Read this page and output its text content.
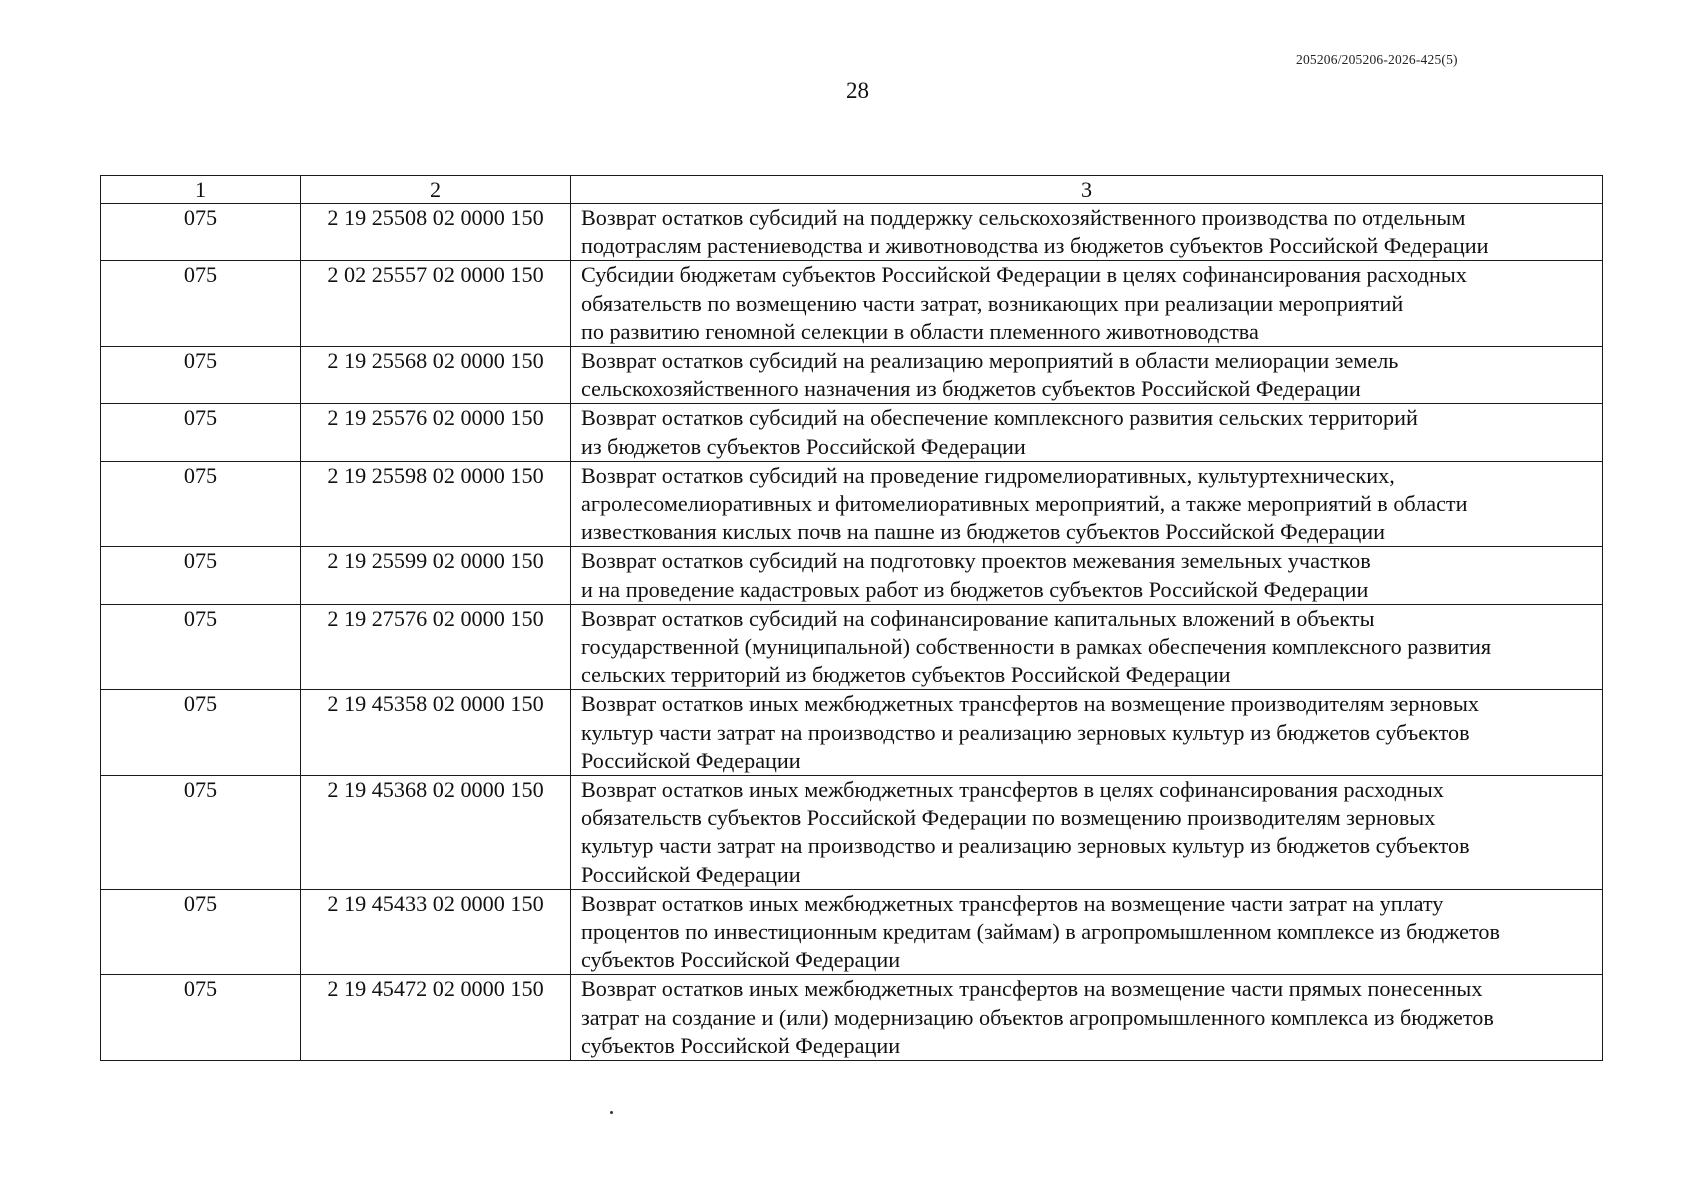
205206/205206-2026-425(5)
28
1	2	3
075	2 19 25508 02 0000 150	Возврат остатков субсидий на поддержку сельскохозяйственного производства по отдельным
подотраслям растениеводства и животноводства из бюджетов субъектов Российской Федерации

075	2 02 25557 02 0000 150	Субсидии бюджетам субъектов Российской Федерации в целях софинансирования расходных
обязательств по возмещению части затрат, возникающих при реализации мероприятий
по развитию геномной селекции в области племенного животноводства

075	2 19 25568 02 0000 150	Возврат остатков субсидий на реализацию мероприятий в области мелиорации земель
сельскохозяйственного назначения из бюджетов субъектов Российской Федерации

075	2 19 25576 02 0000 150	Возврат остатков субсидий на обеспечение комплексного развития сельских территорий
из бюджетов субъектов Российской Федерации

075	2 19 25598 02 0000 150	Возврат остатков субсидий на проведение гидромелиоративных, культуртехнических,
агролесомелиоративных и фитомелиоративных мероприятий, а также мероприятий в области
известкования кислых почв на пашне из бюджетов субъектов Российской Федерации

075	2 19 25599 02 0000 150	Возврат остатков субсидий на подготовку проектов межевания земельных участков
и на проведение кадастровых работ из бюджетов субъектов Российской Федерации

075	2 19 27576 02 0000 150	Возврат остатков субсидий на софинансирование капитальных вложений в объекты
государственной (муниципальной) собственности в рамках обеспечения комплексного развития
сельских территорий из бюджетов субъектов Российской Федерации

075	2 19 45358 02 0000 150	Возврат остатков иных межбюджетных трансфертов на возмещение производителям зерновых
культур части затрат на производство и реализацию зерновых культур из бюджетов субъектов
Российской Федерации

075	2 19 45368 02 0000 150	Возврат остатков иных межбюджетных трансфертов в целях софинансирования расходных
обязательств субъектов Российской Федерации по возмещению производителям зерновых
культур части затрат на производство и реализацию зерновых культур из бюджетов субъектов
Российской Федерации

075	2 19 45433 02 0000 150	Возврат остатков иных межбюджетных трансфертов на возмещение части затрат на уплату
процентов по инвестиционным кредитам (займам) в агропромышленном комплексе из бюджетов
субъектов Российской Федерации

075	2 19 45472 02 0000 150	Возврат остатков иных межбюджетных трансфертов на возмещение части прямых понесенных
затрат на создание и (или) модернизацию объектов агропромышленного комплекса из бюджетов
субъектов Российской Федерации
